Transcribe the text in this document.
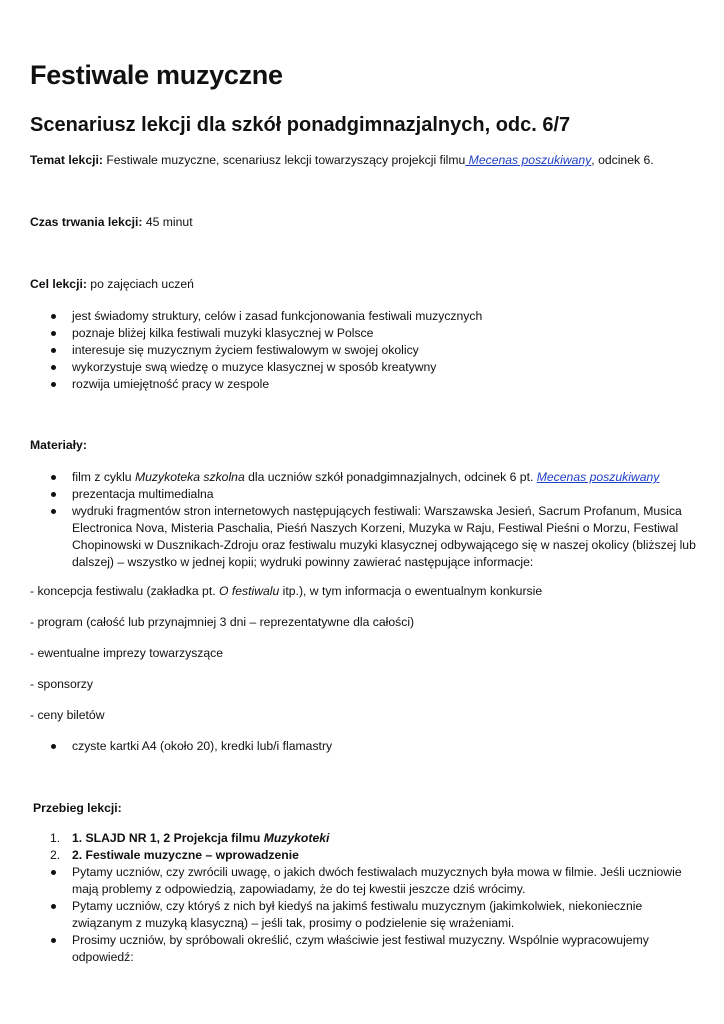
Festiwale muzyczne
Scenariusz lekcji dla szkół ponadgimnazjalnych, odc. 6/7

Temat lekcji: Festiwale muzyczne, scenariusz lekcji towarzyszący projekcji filmu Mecenas poszukiwany, odcinek 6.

Czas trwania lekcji: 45 minut

Cel lekcji: po zajęciach uczeń

jest świadomy struktury, celów i zasad funkcjonowania festiwali muzycznych
poznaje bliżej kilka festiwali muzyki klasycznej w Polsce
interesuje się muzycznym życiem festiwalowym w swojej okolicy
wykorzystuje swą wiedzę o muzyce klasycznej w sposób kreatywny
rozwija umiejętność pracy w zespole

Materiały:

film z cyklu Muzykoteka szkolna dla uczniów szkół ponadgimnazjalnych, odcinek 6 pt. Mecenas poszukiwany
prezentacja multimedialna
wydruki fragmentów stron internetowych następujących festiwali: Warszawska Jesień, Sacrum Profanum, Musica
Electronica Nova, Misteria Paschalia, Pieśń Naszych Korzeni, Muzyka w Raju, Festiwal Pieśni o Morzu, Festiwal
Chopinowski w Dusznikach-Zdroju oraz festiwalu muzyki klasycznej odbywającego się w naszej okolicy (bliższej lub
dalszej) – wszystko w jednej kopii; wydruki powinny zawierać następujące informacje:

- koncepcja festiwalu (zakładka pt. O festiwalu itp.), w tym informacja o ewentualnym konkursie

- program (całość lub przynajmniej 3 dni – reprezentatywne dla całości)

- ewentualne imprezy towarzyszące

- sponsorzy

- ceny biletów

czyste kartki A4 (około 20), kredki lub/i flamastry

Przebieg lekcji:

1. 1. SLAJD NR 1, 2 Projekcja filmu Muzykoteki
2. 2. Festiwale muzyczne – wprowadzenie
Pytamy uczniów, czy zwrócili uwagę, o jakich dwóch festiwalach muzycznych była mowa w filmie. Jeśli uczniowie
mają problemy z odpowiedzią, zapowiadamy, że do tej kwestii jeszcze dziś wrócimy.
Pytamy uczniów, czy któryś z nich był kiedyś na jakimś festiwalu muzycznym (jakimkolwiek, niekoniecznie
związanym z muzyką klasyczną) – jeśli tak, prosimy o podzielenie się wrażeniami.
Prosimy uczniów, by spróbowali określić, czym właściwie jest festiwal muzyczny. Wspólnie wypracowujemy
odpowiedź:
